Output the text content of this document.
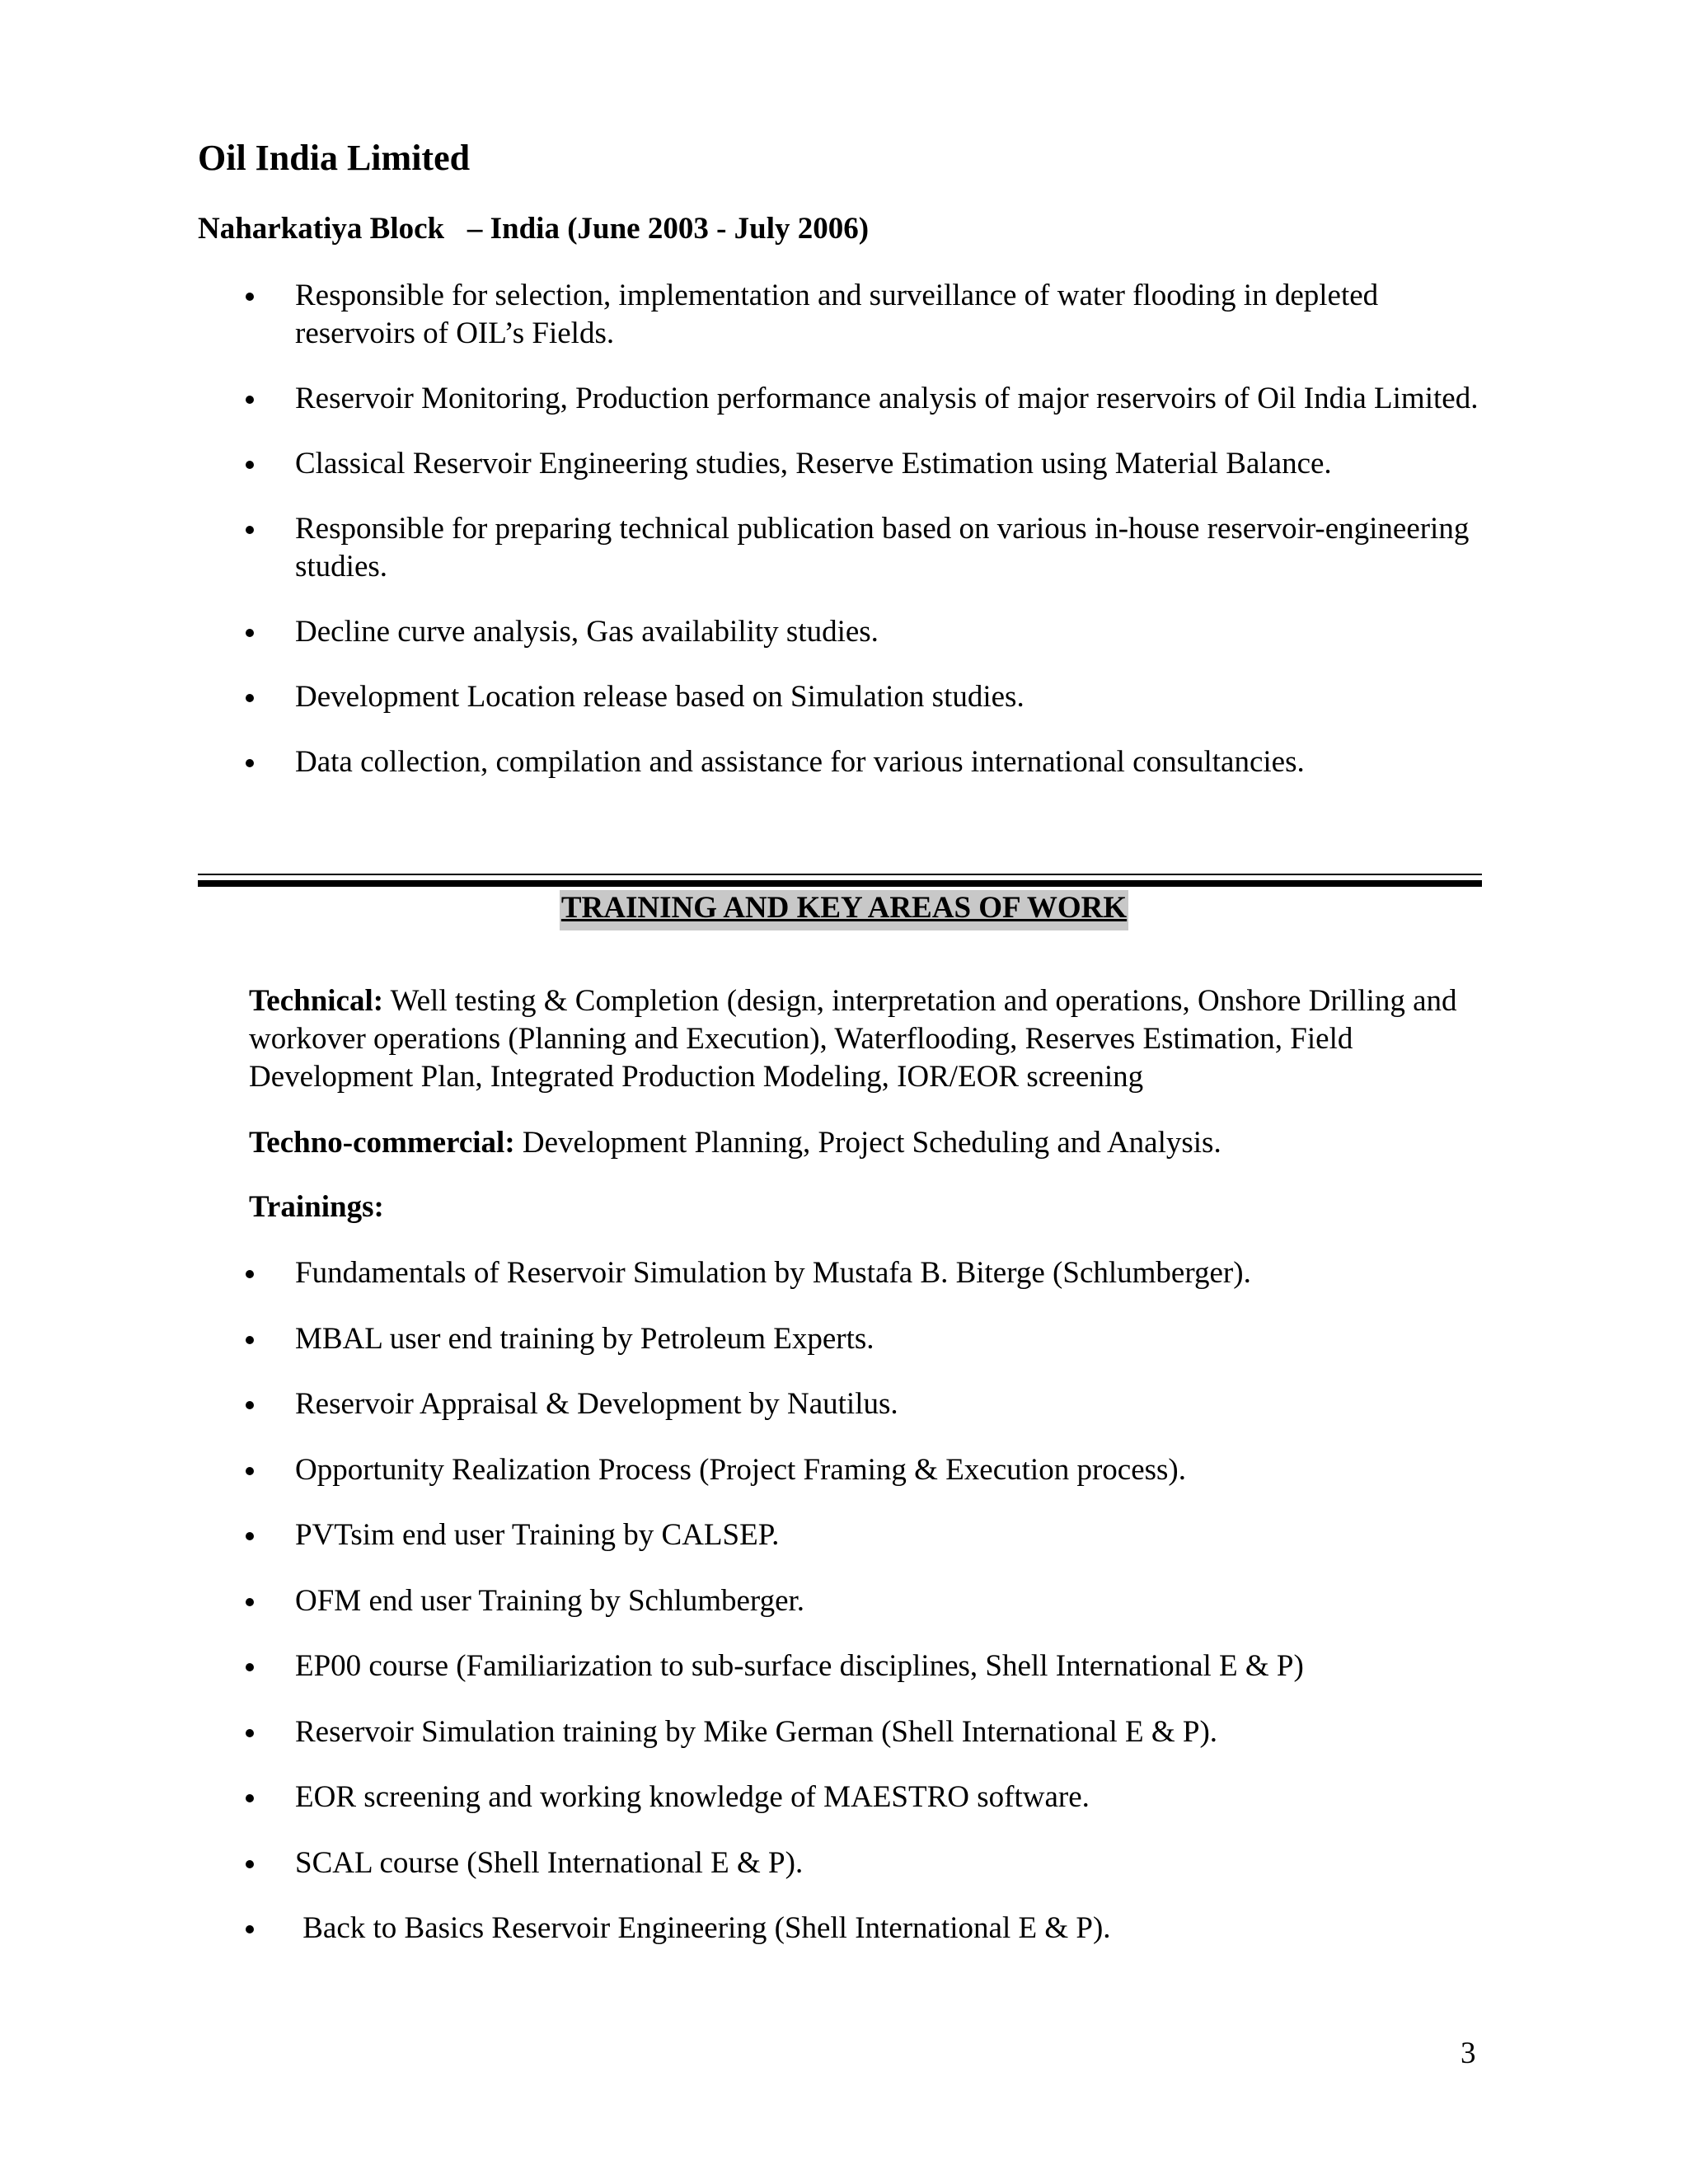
Oil India Limited

Naharkatiya Block   – India (June 2003 - July 2006)

Responsible for selection, implementation and surveillance of water flooding in depleted reservoirs of OIL’s Fields.
Reservoir Monitoring, Production performance analysis of major reservoirs of Oil India Limited.
Classical Reservoir Engineering studies, Reserve Estimation using Material Balance.
Responsible for preparing technical publication based on various in-house reservoir-engineering studies.
Decline curve analysis, Gas availability studies.
Development Location release based on Simulation studies.
Data collection, compilation and assistance for various international consultancies.
TRAINING AND KEY AREAS OF WORK

Technical: Well testing & Completion (design, interpretation and operations, Onshore Drilling and workover operations (Planning and Execution), Waterflooding, Reserves Estimation, Field Development Plan, Integrated Production Modeling, IOR/EOR screening

Techno-commercial: Development Planning, Project Scheduling and Analysis.

Trainings:

Fundamentals of Reservoir Simulation by Mustafa B. Biterge (Schlumberger).
MBAL user end training by Petroleum Experts.
Reservoir Appraisal & Development by Nautilus.
Opportunity Realization Process (Project Framing & Execution process).
PVTsim end user Training by CALSEP.
OFM end user Training by Schlumberger.
EP00 course (Familiarization to sub-surface disciplines, Shell International E & P)
Reservoir Simulation training by Mike German (Shell International E & P).
EOR screening and working knowledge of MAESTRO software.
SCAL course (Shell International E & P).
Back to Basics Reservoir Engineering (Shell International E & P).

3
